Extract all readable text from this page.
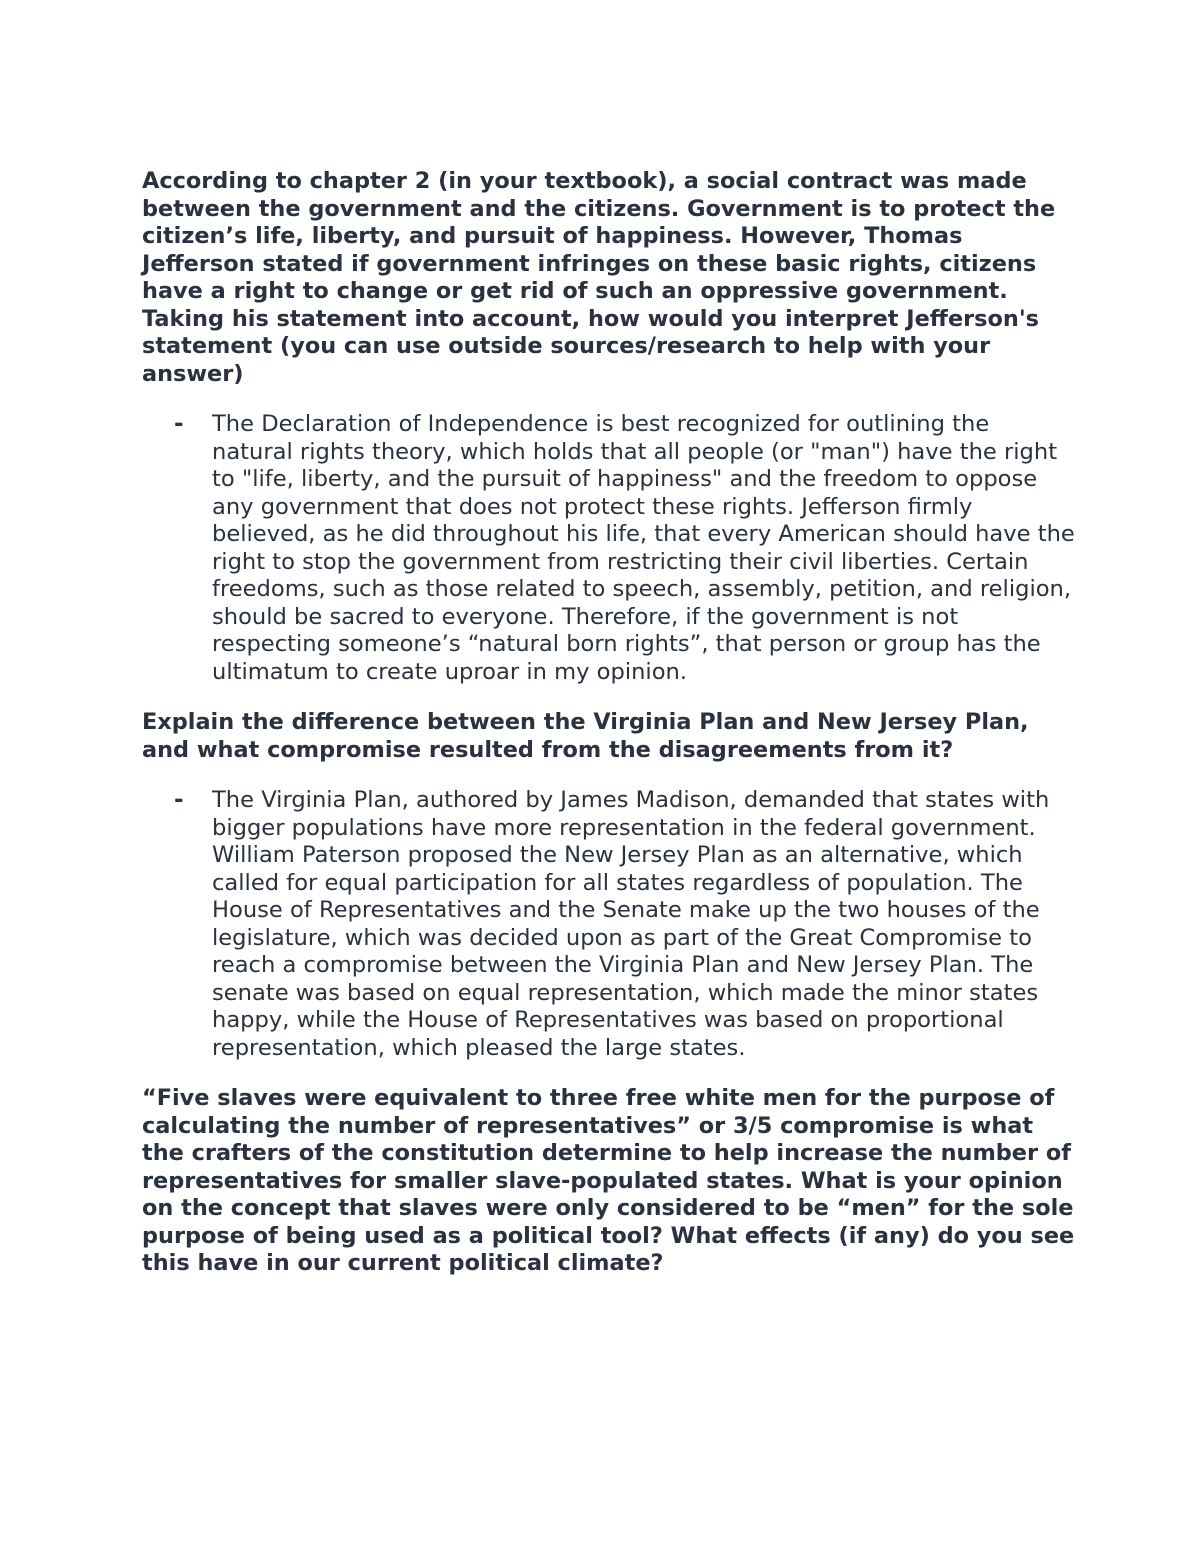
According to chapter 2 (in your textbook), a social contract was made between the government and the citizens. Government is to protect the citizen’s life, liberty, and pursuit of happiness. However, Thomas Jefferson stated if government infringes on these basic rights, citizens have a right to change or get rid of such an oppressive government. Taking his statement into account, how would you interpret Jefferson's statement (you can use outside sources/research to help with your answer)

-	The Declaration of Independence is best recognized for outlining the natural rights theory, which holds that all people (or "man") have the right to "life, liberty, and the pursuit of happiness" and the freedom to oppose any government that does not protect these rights. Jefferson firmly believed, as he did throughout his life, that every American should have the right to stop the government from restricting their civil liberties. Certain freedoms, such as those related to speech, assembly, petition, and religion, should be sacred to everyone. Therefore, if the government is not respecting someone’s “natural born rights”, that person or group has the ultimatum to create uproar in my opinion.

Explain the difference between the Virginia Plan and New Jersey Plan, and what compromise resulted from the disagreements from it?

-	The Virginia Plan, authored by James Madison, demanded that states with bigger populations have more representation in the federal government. William Paterson proposed the New Jersey Plan as an alternative, which called for equal participation for all states regardless of population. The House of Representatives and the Senate make up the two houses of the legislature, which was decided upon as part of the Great Compromise to reach a compromise between the Virginia Plan and New Jersey Plan. The senate was based on equal representation, which made the minor states happy, while the House of Representatives was based on proportional representation, which pleased the large states.

“Five slaves were equivalent to three free white men for the purpose of calculating the number of representatives” or 3/5 compromise is what the crafters of the constitution determine to help increase the number of representatives for smaller slave-populated states. What is your opinion on the concept that slaves were only considered to be “men” for the sole purpose of being used as a political tool? What effects (if any) do you see this have in our current political climate?
